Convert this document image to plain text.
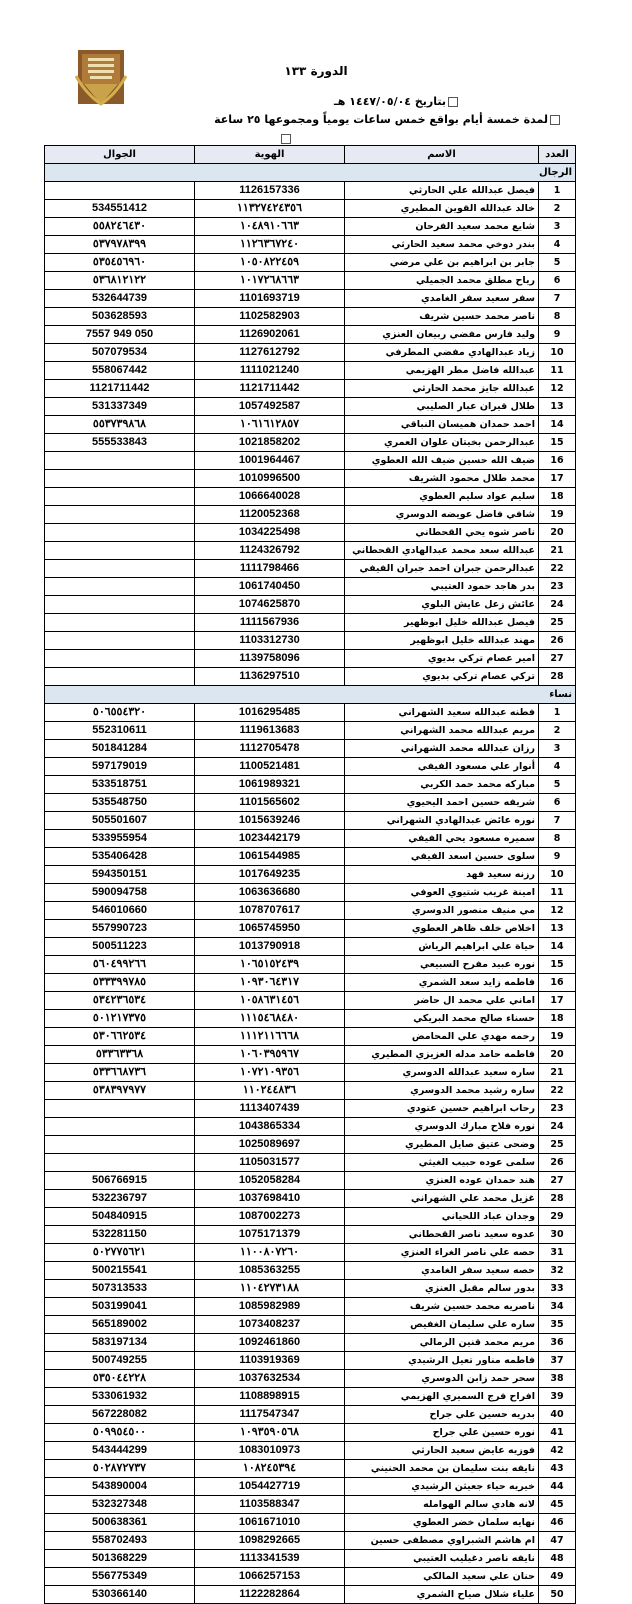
الدورة ١٣٣
بتاريخ ١٤٤٧/٠٥/٠٤ هـ
لمدة خمسة أيام بواقع خمس ساعات يومياً ومجموعها ٢٥ ساعة
العدد	الاسم	الهوية	الجوال
الرجال			
1	فيصل عبدالله علي الحارثي	1126157336	
2	خالد عبدالله القوين المطيري	١١٣٢٧٤٢٤٣٥٦	534551412
3	شايع محمد سعيد الفرحان	١٠٤٨٩١٠٦٦٣	٥٥٨٢٤٦٤٣٠
4	بندر دوخي محمد سعيد الحارثي	١١٢٦٣٦٧٢٤٠	٥٣٧٩٧٨٣٩٩
5	جابر بن ابراهيم بن علي مرضي	١٠٥٠٨٢٢٤٥٩	٥٣٥٤٥٦٩٦٠
6	رياح مطلق محمد الجميلي	١٠١٧٢٦٨٦٦٣	٥٣٦٨١٢١٢٢
7	سفر سعيد سفر الغامدي	1101693719	532644739
8	ناصر محمد حسين شريف	1102582903	503628593
9	وليد فارس مفضي ربيعان العنزي	1126902061	050 949 7557
10	زياد عبدالهادي مفضي المطرفي	1127612792	507079534
11	عبدالله فاضل مطر الهزيمي	1111021240	558067442
12	عبدالله جايز محمد الحارثي	1121711442	1121711442
13	طلال قيران عبار الصليبي	1057492587	531337349
14	احمد حمدان هميسان النباقي	١٠٦١٦١٢٨٥٧	٥٥٣٧٣٩٨٦٨
15	عبدالرحمن بخيتان علوان العمري	1021858202	555533843
16	ضيف الله حسين ضيف الله العطوي	1001964467	
17	محمد طلال محمود الشريف	1010996500	
18	سليم عواد سليم العطوي	1066640028	
19	شافي فاضل عويضه الدوسري	1120052368	
20	ناصر شوه يحي القحطاني	1034225498	
21	عبدالله سعد محمد عبدالهادي القحطاني	1124326792	
22	عبدالرحمن جبران احمد جبران الفيفي	1111798466	
23	بدر هاجد حمود العتيبي	1061740450	
24	عائش زعل عايش البلوي	1074625870	
25	فيصل عبدالله خليل ابوظهير	1111567936	
26	مهند عبدالله خليل ابوظهير	1103312730	
27	امير عصام تركي بديوي	1139758096	
28	تركي عصام تركي بديوي	1136297510	
نساء			
1	فطنه عبدالله سعيد الشهراني	1016295485	٥٠٦٥٥٤٣٢٠
2	مريم عبدالله محمد الشهراني	1119613683	552310611
3	رزان عبدالله محمد الشهراني	1112705478	501841284
4	أنوار علي مسعود الفيفي	1100521481	597179019
5	مباركه محمد حمد الكربي	1061989321	533518751
6	شريفه حسين احمد اليحيوي	1101565602	535548750
7	نوره عائض عبدالهادي الشهراني	1015639246	505501607
8	سميره مسعود يحي الفيفي	1023442179	533955954
9	سلوى حسين اسعد الفيفي	1061544985	535406428
10	رزنه سعيد فهد	1017649235	594350151
11	امينة غريب شتيوي العوفي	1063636680	590094758
12	مي منيف منصور الدوسري	1078707617	546010660
13	اخلاص خلف ظاهر العطوي	1065745950	557990723
14	حياة علي ابراهيم الرياش	1013790918	500511223
15	نوره عبيد مفرح السبيعي	١٠٦٥١٥٢٤٣٩	٥٦٠٤٩٩٢٦٦
16	فاطمه زايد سعد الشمري	١٠٩٣٠٦٤٣١٧	٥٣٣٣٩٩٧٨٥
17	اماني علي محمد ال حاضر	١٠٥٨٦٣١٤٥٦	٥٣٤٢٣٦٥٣٤
18	حسناء صالح محمد البريكي	١١١٥٤٦٨٤٨٠	٥٠١٢١٧٣٧٥
19	رحمه مهدي علي المحامض	١١١٢١١٦٦٦٨	٥٣٠٦٦٢٥٣٤
20	فاطمه حامد مدله العزيزي المطيري	١٠٦٠٣٩٥٩٦٧	٥٣٣٦٣٣٦٨
21	ساره سعيد عبدالله الدوسري	١٠٧٢١٠٩٣٥٦	٥٣٣٦٦٨٧٣٦
22	ساره رشيد محمد الدوسري	١١٠٢٤٤٨٣٦	٥٣٨٣٩٧٩٧٧
23	رحاب ابراهيم حسين عتودي	1113407439	
24	نوره فلاح مبارك الدوسري	1043865334	
25	وضحى عتيق صايل المطيري	1025089697	
26	سلمى عوده حبيب الغيثي	1105031577	
27	هند حمدان عوده العنزي	1052058284	506766915
28	غزيل محمد علي الشهراني	1037698410	532236797
29	وجدان عباد اللحياني	1087002273	504840915
30	عدوه سعيد ناصر القحطاني	1075171379	532281150
31	حصه علي ناصر الغراء العنزي	١١٠٠٨٠٧٢٦٠	٥٠٢٧٧٥٦٢١
32	حصه سعيد سفر الغامدي	1085363255	500215541
33	بدور سالم مقبل العنزي	١١٠٤٢٧٣١٨٨	507313533
34	ناصريه محمد حسين شريف	1085982989	503199041
35	ساره علي سليمان الغفيص	1073408237	565189002
36	مريم محمد قنين الرمالي	1092461860	583197134
37	فاطمه مناور تعيل الرشيدي	1103919369	500749255
38	سحر حمد زابن الدوسري	1037632534	٥٣٥٠٤٤٢٢٨
39	افراح فرج السميري الهزيمي	1108898915	533061932
40	بدريه حسين علي جراح	1117547347	567228082
41	نوره حسين علي جراح	١٠٩٣٥٩٠٥٦٨	٥٠٩٩٥٤٥٠٠
42	فوزيه عايض سعيد الحارثي	1083010973	543444299
43	نايفه بنت سليمان بن محمد الحنيني	١٠٨٢٤٥٣٩٤	٥٠٢٨٧٢٧٣٧
44	خيريه حياء جعيثن الرشيدي	1054427719	543890004
45	لانه هادي سالم الهوامله	1103588347	532327348
46	نهايه سلمان خضر العطوي	1061671010	500638361
47	ام هاشم الشبراوي مصطفى حسين	1098292665	558702493
48	نايفه ناصر دغيليب العتيبي	1113341539	501368229
49	حنان علي سعيد المالكي	1066257153	556775349
50	علياء شلال صياح الشمري	1122282864	530366140
